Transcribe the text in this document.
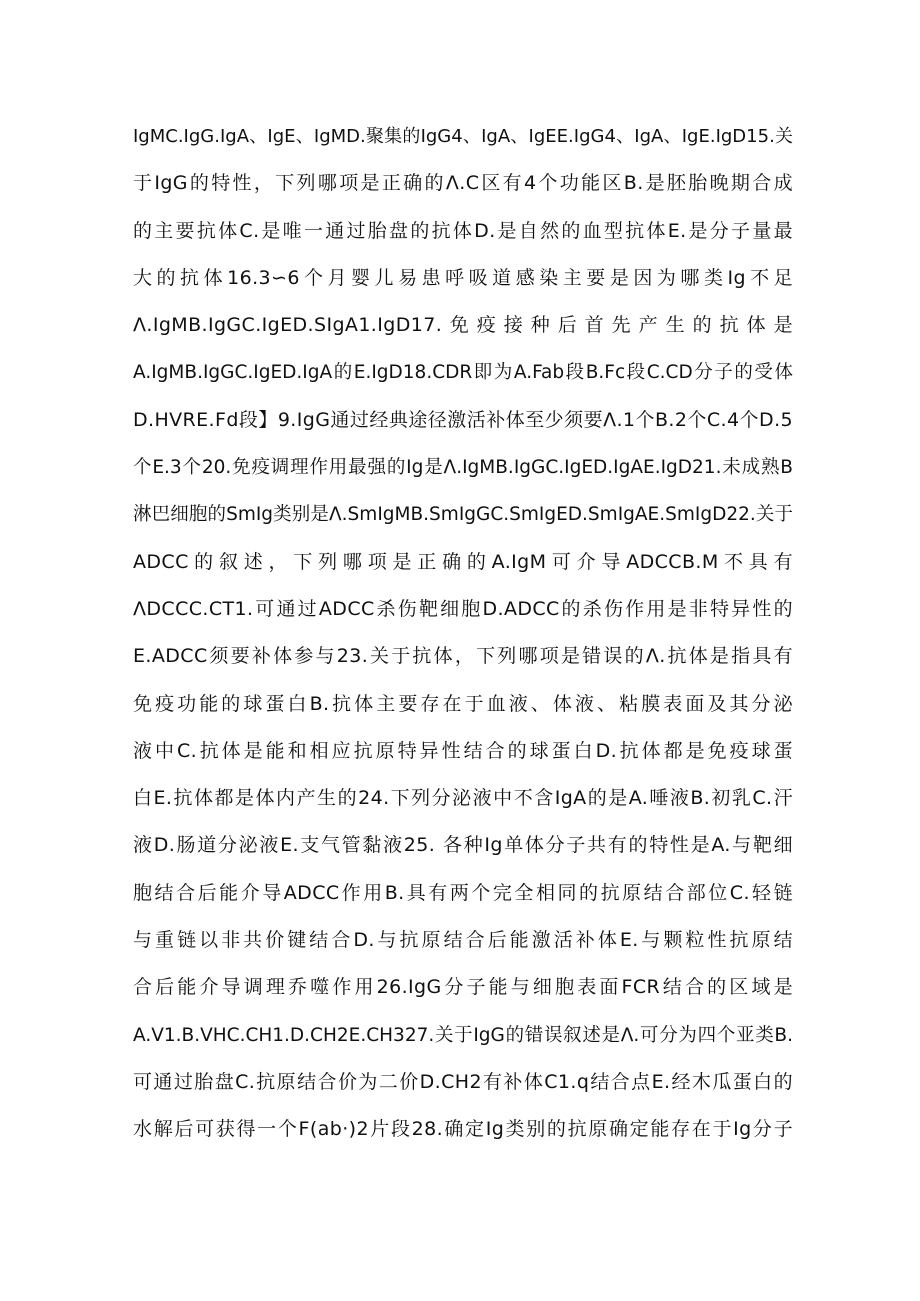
IgMC.IgG.IgA、IgE、IgMD.聚集的IgG4、IgA、IgEE.IgG4、IgA、IgE.IgD15.关
于IgG的特性，下列哪项是正确的Λ.C区有4个功能区B.是胚胎晚期合成
的主要抗体C.是唯一通过胎盘的抗体D.是自然的血型抗体E.是分子量最
大的抗体16.3∽6个月婴儿易患呼吸道感染主要是因为哪类Ig不足
Λ.IgMB.IgGC.IgED.SIgA1.IgD17.免疫接种后首先产生的抗体是
A.IgMB.IgGC.IgED.IgA的E.IgD18.CDR即为A.Fab段B.Fc段C.CD分子的受体
D.HVRE.Fd段】9.IgG通过经典途径激活补体至少须要Λ.1个B.2个C.4个D.5
个E.3个20.免疫调理作用最强的Ig是Λ.IgMB.IgGC.IgED.IgAE.IgD21.未成熟B
淋巴细胞的SmIg类别是Λ.SmIgMB.SmIgGC.SmIgED.SmIgAE.SmIgD22.关于
ADCC的叙述，下列哪项是正确的A.IgM可介导ADCCB.M不具有
ΛDCCC.CT1.可通过ADCC杀伤靶细胞D.ADCC的杀伤作用是非特异性的
E.ADCC须要补体参与23.关于抗体，下列哪项是错误的Λ.抗体是指具有
免疫功能的球蛋白B.抗体主要存在于血液、体液、粘膜表面及其分泌
液中C.抗体是能和相应抗原特异性结合的球蛋白D.抗体都是免疫球蛋
白E.抗体都是体内产生的24.下列分泌液中不含IgA的是A.唾液B.初乳C.汗
液D.肠道分泌液E.支气管黏液25. 各种Ig单体分子共有的特性是A.与靶细
胞结合后能介导ADCC作用B.具有两个完全相同的抗原结合部位C.轻链
与重链以非共价键结合D.与抗原结合后能激活补体E.与颗粒性抗原结
合后能介导调理乔噬作用26.IgG分子能与细胞表面FCR结合的区域是
A.V1.B.VHC.CH1.D.CH2E.CH327.关于IgG的错误叙述是Λ.可分为四个亚类B.
可通过胎盘C.抗原结合价为二价D.CH2有补体C1.q结合点E.经木瓜蛋白的
水解后可获得一个F(ab·)2片段28.确定Ig类别的抗原确定能存在于Ig分子
